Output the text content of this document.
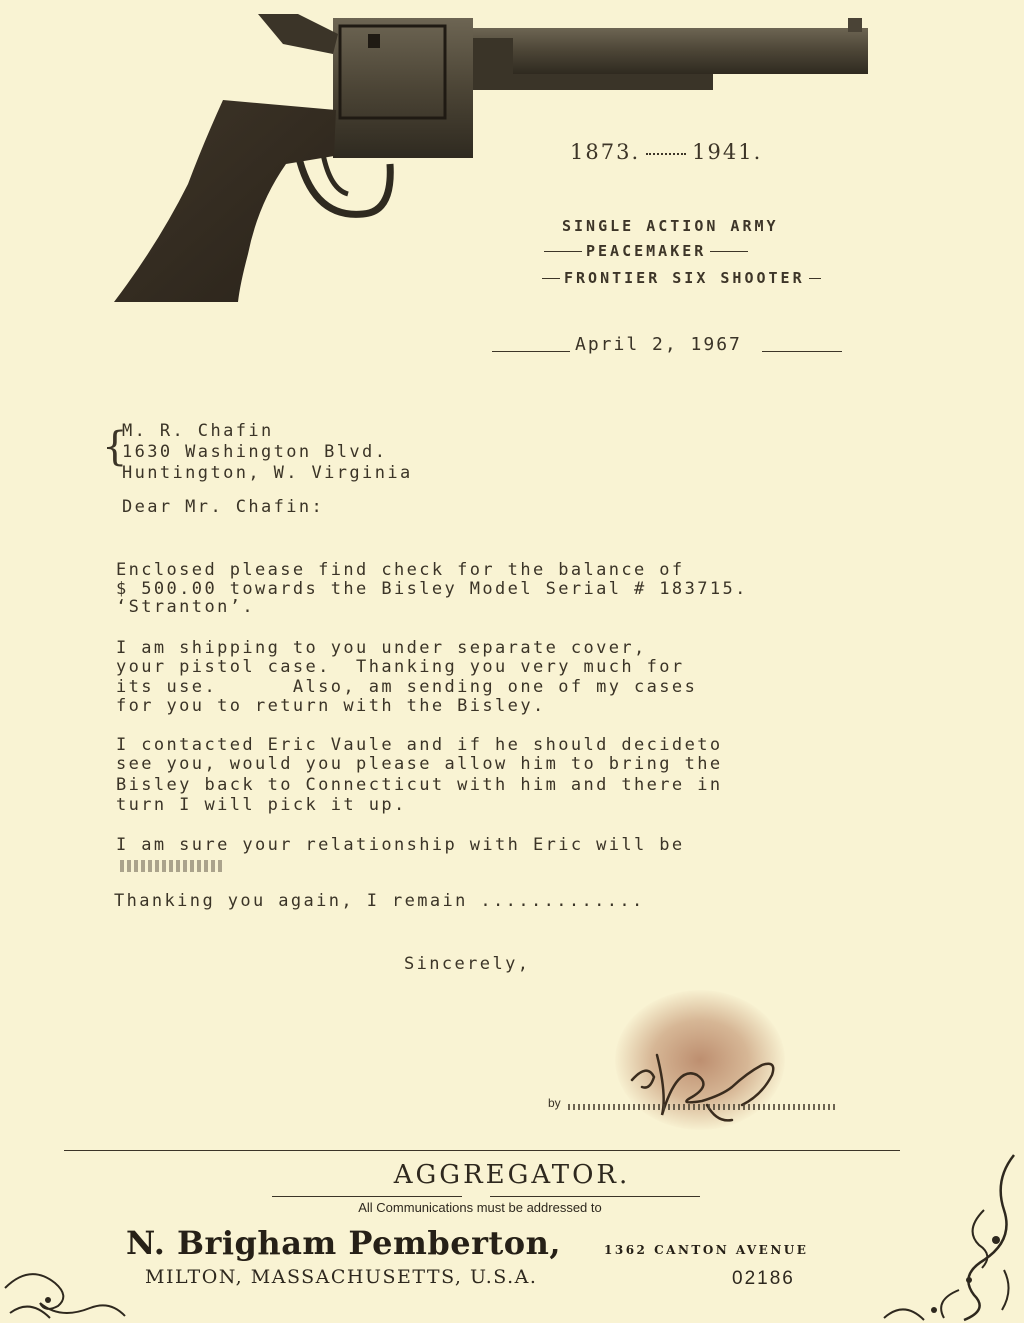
1873. 1941.
SINGLE ACTION ARMY
PEACEMAKER
FRONTIER SIX SHOOTER
April 2, 1967
{
M. R. Chafin
1630 Washington Blvd.
Huntington, W. Virginia
Dear Mr. Chafin:
Enclosed please find check for the balance of
$ 500.00 towards the Bisley Model Serial # 183715.
‘Stranton’.
I am shipping to you under separate cover,
your pistol case.  Thanking you very much for
its use.      Also, am sending one of my cases
for you to return with the Bisley.
I contacted Eric Vaule and if he should decideto
see you, would you please allow him to bring the
Bisley back to Connecticut with him and there in
turn I will pick it up.
I am sure your relationship with Eric will be
Thanking you again, I remain .............
Sincerely,
by
AGGREGATOR.
All Communications must be addressed to
N. Brigham Pemberton,	1362 CANTON AVENUE
MILTON, MASSACHUSETTS, U.S.A.	02186
